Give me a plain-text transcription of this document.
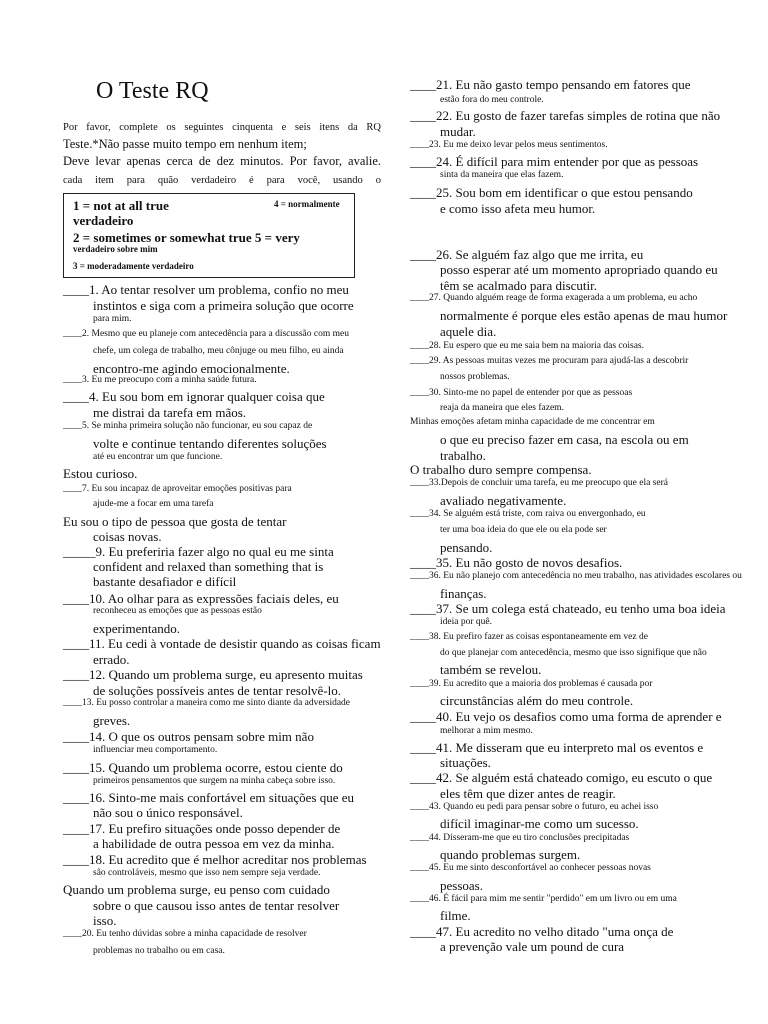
O Teste RQ
Por favor, complete os seguintes cinquenta e seis itens da RQ
Teste.*Não passe muito tempo em nenhum item;
Deve levar apenas cerca de dez minutos. Por favor, avalie.
cada item para quão verdadeiro é para você, usando o
1 = not at all true	4 = normalmente
verdadeiro
2 = sometimes or somewhat true 5 = very
verdadeiro sobre mim
3 = moderadamente verdadeiro
____1. Ao tentar resolver um problema, confio no meu
instintos e siga com a primeira solução que ocorre
para mim.
____2. Mesmo que eu planeje com antecedência para a discussão com meu
chefe, um colega de trabalho, meu cônjuge ou meu filho, eu ainda
encontro-me agindo emocionalmente.
____3. Eu me preocupo com a minha saúde futura.
____4. Eu sou bom em ignorar qualquer coisa que
me distrai da tarefa em mãos.
____5. Se minha primeira solução não funcionar, eu sou capaz de
volte e continue tentando diferentes soluções
até eu encontrar um que funcione.
Estou curioso.
____7. Eu sou incapaz de aproveitar emoções positivas para
ajude-me a focar em uma tarefa
Eu sou o tipo de pessoa que gosta de tentar
coisas novas.
_____9. Eu preferiria fazer algo no qual eu me sinta
confident and relaxed than something that is
bastante desafiador e difícil
____10. Ao olhar para as expressões faciais deles, eu
reconheceu as emoções que as pessoas estão
experimentando.
____11. Eu cedi à vontade de desistir quando as coisas ficam
errado.
____12. Quando um problema surge, eu apresento muitas
de soluções possíveis antes de tentar resolvê-lo.
____13. Eu posso controlar a maneira como me sinto diante da adversidade
greves.
____14. O que os outros pensam sobre mim não
influenciar meu comportamento.
____15. Quando um problema ocorre, estou ciente do
primeiros pensamentos que surgem na minha cabeça sobre isso.
____16. Sinto-me mais confortável em situações que eu
não sou o único responsável.
____17. Eu prefiro situações onde posso depender de
a habilidade de outra pessoa em vez da minha.
____18. Eu acredito que é melhor acreditar nos problemas
são controláveis, mesmo que isso nem sempre seja verdade.
Quando um problema surge, eu penso com cuidado
sobre o que causou isso antes de tentar resolver
isso.
____20. Eu tenho dúvidas sobre a minha capacidade de resolver
problemas no trabalho ou em casa.
____21. Eu não gasto tempo pensando em fatores que
estão fora do meu controle.
____22. Eu gosto de fazer tarefas simples de rotina que não
mudar.
____23. Eu me deixo levar pelos meus sentimentos.
____24. É difícil para mim entender por que as pessoas
sinta da maneira que elas fazem.
____25. Sou bom em identificar o que estou pensando
e como isso afeta meu humor.
____26. Se alguém faz algo que me irrita, eu
posso esperar até um momento apropriado quando eu
têm se acalmado para discutir.
____27. Quando alguém reage de forma exagerada a um problema, eu acho
normalmente é porque eles estão apenas de mau humor
aquele dia.
____28. Eu espero que eu me saia bem na maioria das coisas.
____29. As pessoas muitas vezes me procuram para ajudá-las a descobrir
nossos problemas.
____30. Sinto-me no papel de entender por que as pessoas
reaja da maneira que eles fazem.
Minhas emoções afetam minha capacidade de me concentrar em
o que eu preciso fazer em casa, na escola ou em
trabalho.
O trabalho duro sempre compensa.
____33.Depois de concluir uma tarefa, eu me preocupo que ela será
avaliado negativamente.
____34. Se alguém está triste, com raiva ou envergonhado, eu
ter uma boa ideia do que ele ou ela pode ser
pensando.
____35. Eu não gosto de novos desafios.
____36. Eu não planejo com antecedência no meu trabalho, nas atividades escolares ou
finanças.
____37. Se um colega está chateado, eu tenho uma boa ideia
ideia por quê.
____38. Eu prefiro fazer as coisas espontaneamente em vez de
do que planejar com antecedência, mesmo que isso signifique que não
também se revelou.
____39. Eu acredito que a maioria dos problemas é causada por
circunstâncias além do meu controle.
____40. Eu vejo os desafios como uma forma de aprender e
melhorar a mim mesmo.
____41. Me disseram que eu interpreto mal os eventos e
situações.
____42. Se alguém está chateado comigo, eu escuto o que
eles têm que dizer antes de reagir.
____43. Quando eu pedi para pensar sobre o futuro, eu achei isso
difícil imaginar-me como um sucesso.
____44. Disseram-me que eu tiro conclusões precipitadas
quando problemas surgem.
____45. Eu me sinto desconfortável ao conhecer pessoas novas
pessoas.
____46. É fácil para mim me sentir "perdido" em um livro ou em uma
filme.
____47. Eu acredito no velho ditado "uma onça de
a prevenção vale um pound de cura
